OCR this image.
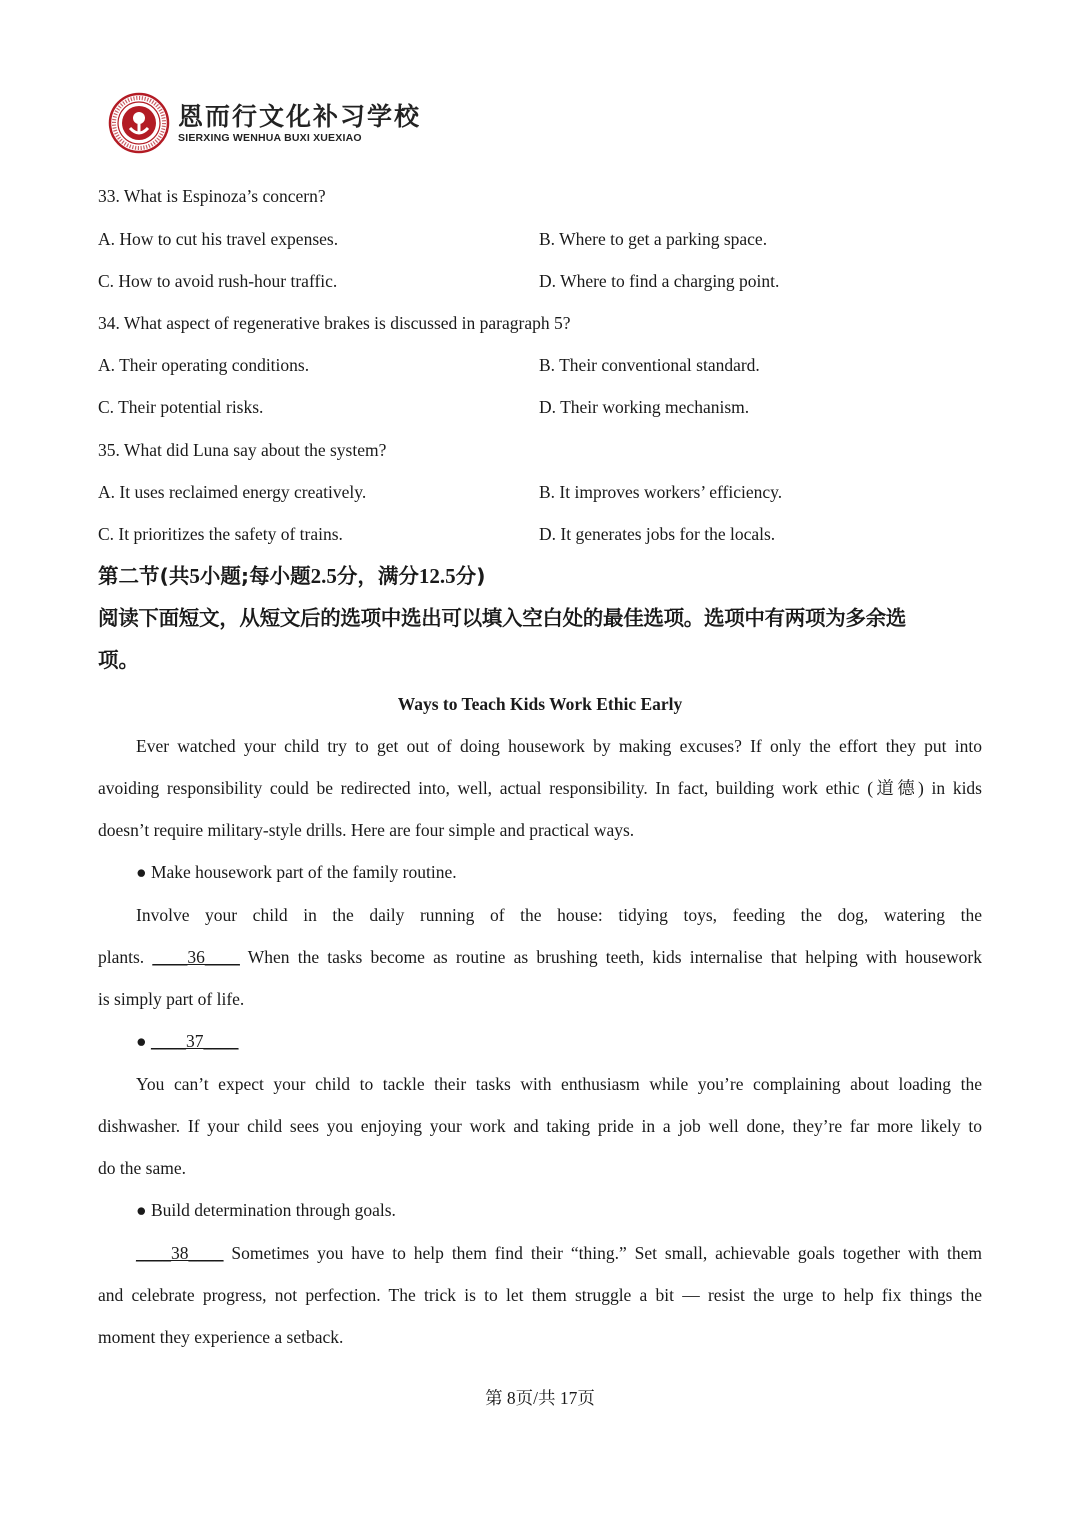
恩而行文化补习学校
SIERXING WENHUA BUXI XUEXIAO
33. What is Espinoza’s concern?
A. How to cut his travel expenses.	B. Where to get a parking space.
C. How to avoid rush-hour traffic.	D. Where to find a charging point.
34. What aspect of regenerative brakes is discussed in paragraph 5?
A. Their operating conditions.	B. Their conventional standard.
C. Their potential risks.	D. Their working mechanism.
35. What did Luna say about the system?
A. It uses reclaimed energy creatively.	B. It improves workers’ efficiency.
C. It prioritizes the safety of trains.	D. It generates jobs for the locals.
第二节(共5小题;每小题2.5分，满分12.5分)
阅读下面短文，从短文后的选项中选出可以填入空白处的最佳选项。选项中有两项为多余选
项。
Ways to Teach Kids Work Ethic Early
Ever watched your child try to get out of doing housework by making excuses? If only the effort they put into
avoiding responsibility could be redirected into, well, actual responsibility. In fact, building work ethic (道德) in kids
doesn’t require military-style drills. Here are four simple and practical ways.
● Make housework part of the family routine.
Involve your child in the daily running of the house: tidying toys, feeding the dog, watering the
plants. ____36____ When the tasks become as routine as brushing teeth, kids internalise that helping with housework
is simply part of life.
● ____37____
You can’t expect your child to tackle their tasks with enthusiasm while you’re complaining about loading the
dishwasher. If your child sees you enjoying your work and taking pride in a job well done, they’re far more likely to
do the same.
● Build determination through goals.
____38____ Sometimes you have to help them find their “thing.” Set small, achievable goals together with them
and celebrate progress, not perfection. The trick is to let them struggle a bit — resist the urge to help fix things the
moment they experience a setback.
第 8页/共 17页
